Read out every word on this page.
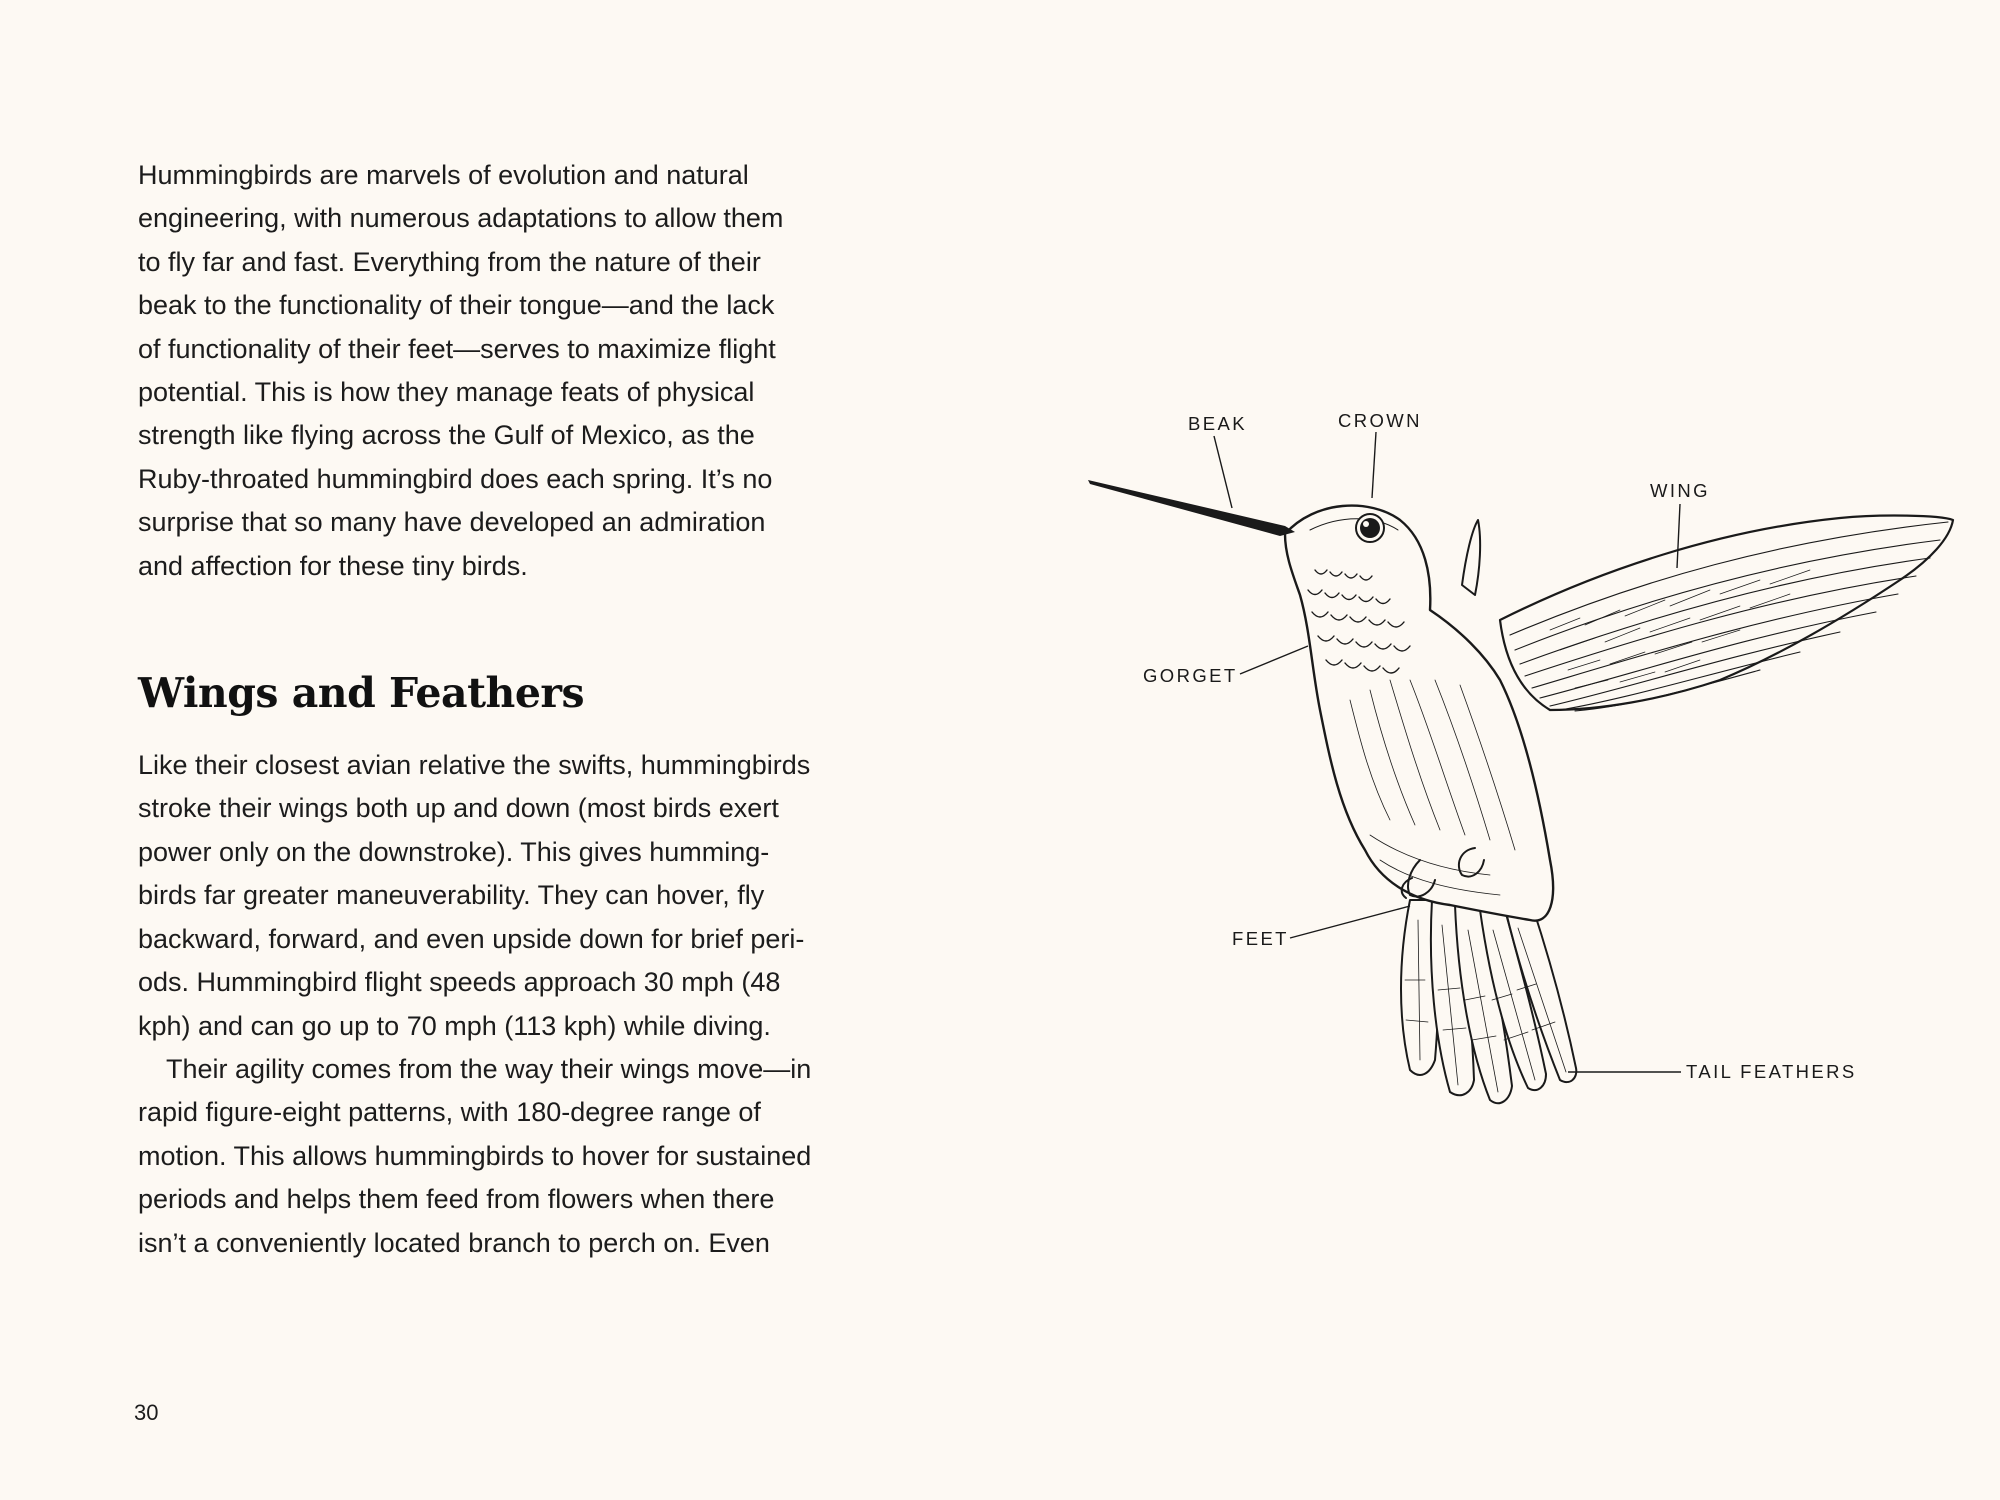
Hummingbirds are marvels of evolution and natural
engineering, with numerous adaptations to allow them
to fly far and fast. Everything from the nature of their
beak to the functionality of their tongue—and the lack
of functionality of their feet—serves to maximize flight
potential. This is how they manage feats of physical
strength like flying across the Gulf of Mexico, as the
Ruby-throated hummingbird does each spring. It’s no
surprise that so many have developed an admiration
and affection for these tiny birds.

Wings and Feathers

Like their closest avian relative the swifts, hummingbirds
stroke their wings both up and down (most birds exert
power only on the downstroke). This gives humming-
birds far greater maneuverability. They can hover, fly
backward, forward, and even upside down for brief peri-
ods. Hummingbird flight speeds approach 30 mph (48
kph) and can go up to 70 mph (113 kph) while diving.

Their agility comes from the way their wings move—in
rapid figure-eight patterns, with 180-degree range of
motion. This allows hummingbirds to hover for sustained
periods and helps them feed from flowers when there
isn’t a conveniently located branch to perch on. Even

30
BEAK	CROWN
WING
GORGET
FEET
TAIL FEATHERS
